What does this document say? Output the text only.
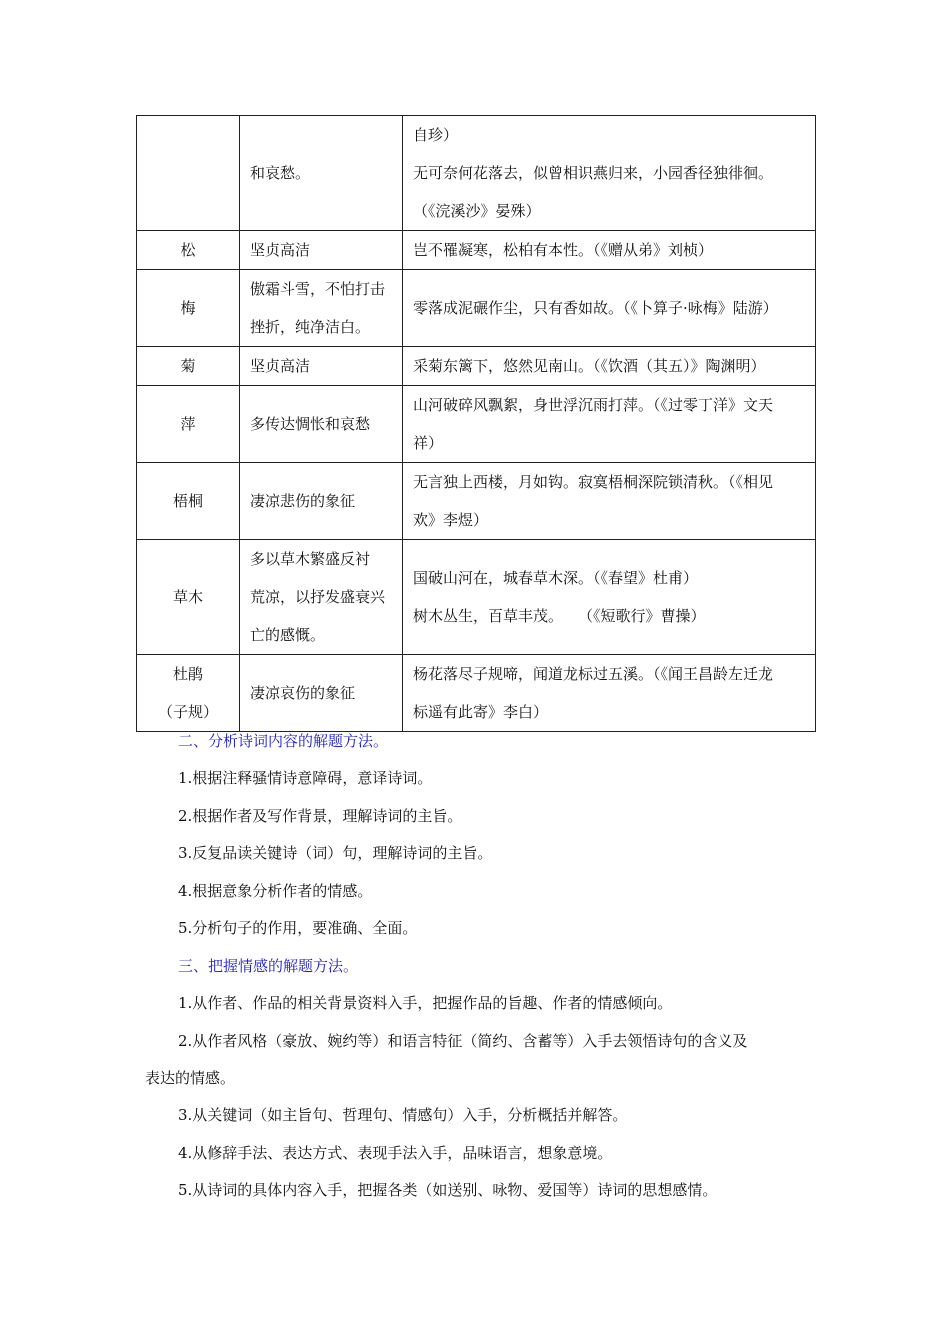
	和哀愁。	自珍）
无可奈何花落去，似曾相识燕归来，小园香径独徘徊。
（《浣溪沙》晏殊）

松	坚贞高洁	岂不罹凝寒，松柏有本性。（《赠从弟》刘桢）

梅	傲霜斗雪，不怕打击
挫折，纯净洁白。	零落成泥碾作尘，只有香如故。（《卜算子·咏梅》陆游）

菊	坚贞高洁	采菊东篱下，悠然见南山。（《饮酒（其五）》陶渊明）

萍	多传达惆怅和哀愁	山河破碎风飘絮，身世浮沉雨打萍。（《过零丁洋》文天
祥）

梧桐	凄凉悲伤的象征	无言独上西楼，月如钩。寂寞梧桐深院锁清秋。（《相见
欢》李煜）

草木	多以草木繁盛反衬
荒凉，以抒发盛衰兴
亡的感慨。	国破山河在，城春草木深。（《春望》杜甫）
树木丛生，百草丰茂。　　（《短歌行》曹操）

杜鹃
（子规）	凄凉哀伤的象征	杨花落尽子规啼，闻道龙标过五溪。（《闻王昌龄左迁龙
标遥有此寄》李白）
二、分析诗词内容的解题方法。
1.根据注释骚情诗意障碍，意译诗词。
2.根据作者及写作背景，理解诗词的主旨。
3.反复品读关键诗（词）句，理解诗词的主旨。
4.根据意象分析作者的情感。
5.分析句子的作用，要准确、全面。
三、把握情感的解题方法。
1.从作者、作品的相关背景资料入手，把握作品的旨趣、作者的情感倾向。
2.从作者风格（豪放、婉约等）和语言特征（简约、含蓄等）入手去领悟诗句的含义及
表达的情感。
3.从关键词（如主旨句、哲理句、情感句）入手，分析概括并解答。
4.从修辞手法、表达方式、表现手法入手，品味语言，想象意境。
5.从诗词的具体内容入手，把握各类（如送别、咏物、爱国等）诗词的思想感情。
